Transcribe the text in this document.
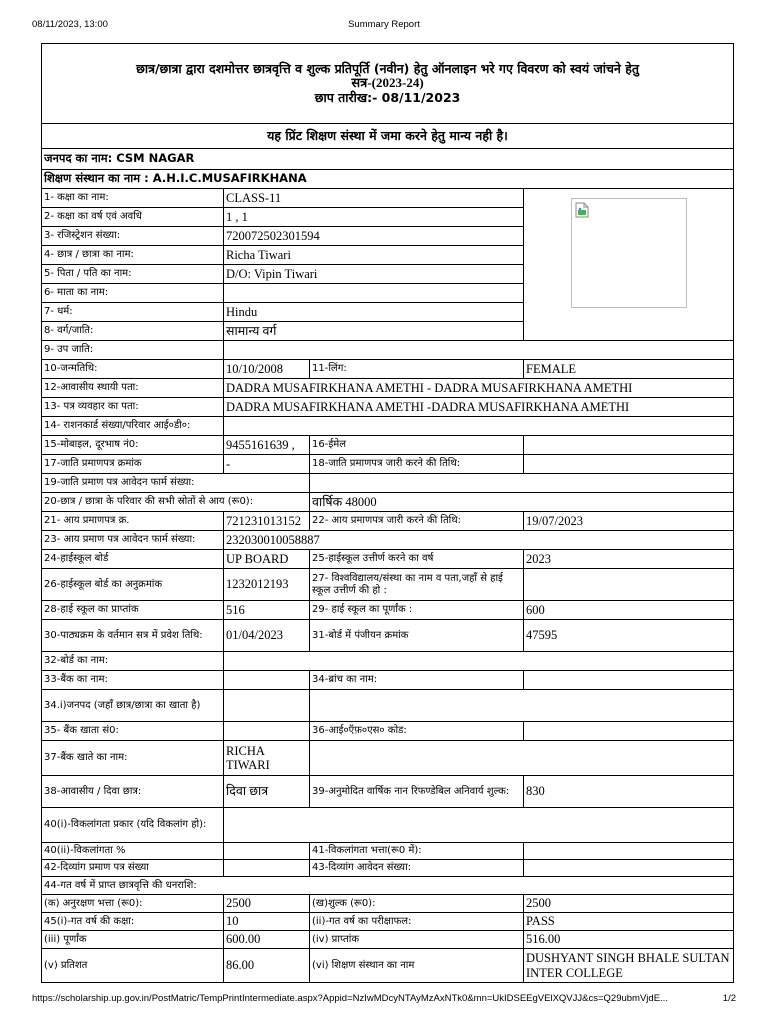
08/11/2023, 13:00	Summary Report
छात्र/छात्रा द्वारा दशमोत्तर छात्रवृत्ति व शुल्क प्रतिपूर्ति (नवीन) हेतु ऑनलाइन भरे गए विवरण को स्वयं जांचने हेतु
सत्र-(2023-24)
छाप तारीख:- 08/11/2023			

यह प्रिंट शिक्षण संस्था में जमा करने हेतु मान्य नही है।			
जनपद का नाम: CSM NAGAR			
शिक्षण संस्थान का नाम : A.H.I.C.MUSAFIRKHANA			
1- कक्षा का नाम:	CLASS-11	

2- कक्षा का वर्ष एवं अवधि	1 , 1		
3- रजिस्ट्रेशन संख्या:	720072502301594		
4- छात्र / छात्रा का नाम:	Richa Tiwari		
5- पिता / पति का नाम:	D/O: Vipin Tiwari		
6- माता का नाम:			
7- धर्म:	Hindu		
8- वर्ग/जाति:	सामान्य वर्ग		
9- उप जाति:			
10-जन्मतिथि:	10/10/2008	11-लिंग:	FEMALE
12-आवासीय स्थायी पता:	DADRA MUSAFIRKHANA AMETHI - DADRA MUSAFIRKHANA AMETHI		
13- पत्र व्यवहार का पता:	DADRA MUSAFIRKHANA AMETHI -DADRA MUSAFIRKHANA AMETHI		
14- राशनकार्ड संख्या/परिवार आई०डी०:			
15-मोबाइल, दूरभाष नं0:	9455161639 ,	16-ईमेल	
17-जाति प्रमाणपत्र क्रमांक	-	18-जाति प्रमाणपत्र जारी करने की तिथि:	
19-जाति प्रमाण पत्र आवेदन फार्म संख्या:			
20-छात्र / छात्रा के परिवार की सभी स्रोतों से आय (रू0):		वार्षिक 48000	
21- आय प्रमाणपत्र क्र.	721231013152	22- आय प्रमाणपत्र जारी करने की तिथि:	19/07/2023
23- आय प्रमाण पत्र आवेदन फार्म संख्या:	232030010058887		
24-हाईस्कूल बोर्ड	UP BOARD	25-हाईस्कूल उत्तीर्ण करने का वर्ष	2023
26-हाईस्कूल बोर्ड का अनुक्रमांक	1232012193	27- विश्वविद्यालय/संस्था का नाम व पता,जहाँ से हाई स्कूल उत्तीर्ण की हो :	
28-हाई स्कूल का प्राप्तांक	516	29- हाई स्कूल का पूर्णांक :	600
30-पाठ्यक्रम के वर्तमान सत्र में प्रवेश तिथि:	01/04/2023	31-बोर्ड में पंजीयन क्रमांक	47595
32-बोर्ड का नाम:			
33-बैंक का नाम:		34-ब्रांच का नाम:	
34.i)जनपद (जहाँ छात्र/छात्रा का खाता है)			
35- बैंक खाता सं0:		36-आई०ऍफ़०एस० कोड:	
37-बैंक खाते का नाम:	RICHA TIWARI		
38-आवासीय / दिवा छात्र:	दिवा छात्र	39-अनुमोदित वार्षिक नान रिफण्डेबिल अनिवार्य शुल्क:	830
40(i)-विकलांगता प्रकार (यदि विकलांग हो):			
40(ii)-विकलांगता %		41-विकलांगता भत्ता(रू0 में):	
42-दिव्यांग प्रमाण पत्र संख्या		43-दिव्यांग आवेदन संख्या:	
44-गत वर्ष में प्राप्त छात्रवृत्ति की धनराशि:			
(क) अनुरक्षण भत्ता (रू0):	2500	(ख)शुल्क (रू0):	2500
45(i)-गत वर्ष की कक्षा:	10	(ii)-गत वर्ष का परीक्षाफल:	PASS
(iii) पूर्णांक	600.00	(iv) प्राप्तांक	516.00
(v) प्रतिशत	86.00	(vi) शिक्षण संस्थान का नाम	DUSHYANT SINGH BHALE SULTAN INTER COLLEGE
https://scholarship.up.gov.in/PostMatric/TempPrintIntermediate.aspx?Appid=NzIwMDcyNTAyMzAxNTk0&mn=UkIDSEEgVElXQVJJ&cs=Q29ubmVjdE...	1/2
